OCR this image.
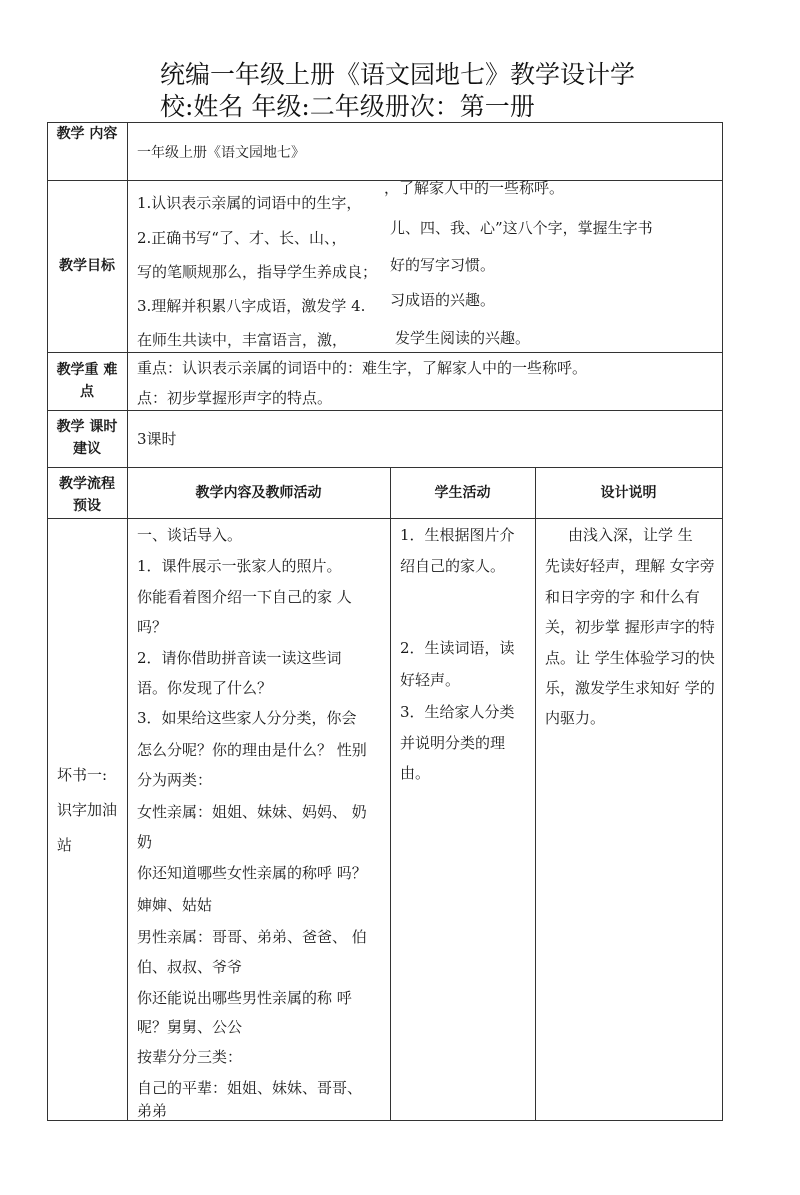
统编一年级上册《语文园地七》教学设计学
校:姓名 年级:二年级册次：第一册
教学 内容
一年级上册《语文园地七》
教学目标
1.认识表示亲属的词语中的生字，
2.正确书写“了、才、长、山、，
写的笔顺规那么，指导学生养成良；
3.理解并积累八字成语，激发学 4.
在师生共读中，丰富语言，激，
，了解家人中的一些称呼。
儿、四、我、心”这八个字，掌握生字书
好的写字习惯。
习成语的兴趣。
发学生阅读的兴趣。
教学重 难
点
重点：认识表示亲属的词语中的：难生字，了解家人中的一些称呼。
点：初步掌握形声字的特点。
教学 课时
建议
3课时
教学流程
预设
教学内容及教师活动	学生活动	设计说明
坏书一:
识字加油
站
一、谈话导入。
1．课件展示一张家人的照片。
你能看着图介绍一下自己的家 人
吗？
2．请你借助拼音读一读这些词
语。你发现了什么？
3．如果给这些家人分分类，你会
怎么分呢？你的理由是什么？ 性别
分为两类：
女性亲属：姐姐、妹妹、妈妈、 奶
奶
你还知道哪些女性亲属的称呼 吗？
婶婶、姑姑
男性亲属：哥哥、弟弟、爸爸、 伯
伯、叔叔、爷爷
你还能说出哪些男性亲属的称 呼
呢？舅舅、公公
按辈分分三类：
自己的平辈：姐姐、妹妹、哥哥、
弟弟
1．生根据图片介
绍自己的家人。
2．生读词语，读
好轻声。
3．生给家人分类
并说明分类的理
由。
由浅入深，让学 生
先读好轻声，理解 女字旁
和日字旁的字 和什么有
关，初步掌 握形声字的特
点。让 学生体验学习的快
乐，激发学生求知好 学的
内驱力。
